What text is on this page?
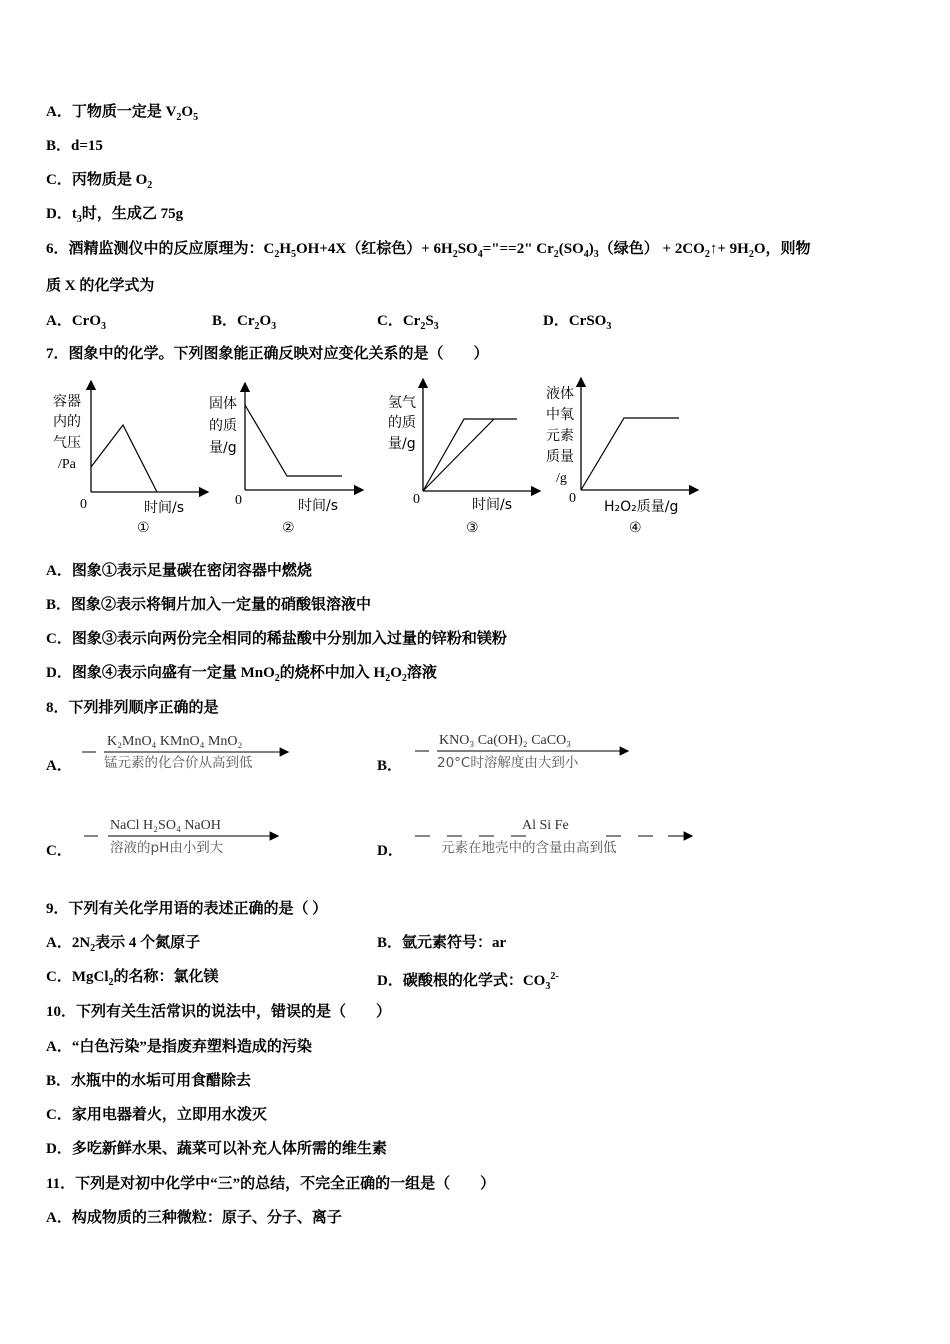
A．丁物质一定是 $V_2O_5$
B．d=15
C．丙物质是 $O_2$
D．$t_3$时，生成乙 75g
6．酒精监测仪中的反应原理为：$C_2H_5OH+4X$（红棕色）+ $6H_2SO_4="==2$" $Cr_2(SO_4)_3$（绿色） + $2CO_2↑+ 9H_2O$，则物
质 X 的化学式为
A．CrO$_3$	B．$Cr_2O_3$	C．$Cr_2S_3$	D．CrSO$_3$
7．图象中的化学。下列图象能正确反映对应变化关系的是（　　）
容器
内的
气压
/Pa
0	时间/s
①
固体
的质
量/g
0	时间/s
②
氢气
的质
量/g
0	时间/s
③
液体
中氧
元素
质量
/g
0
H₂O₂质量/g
④
A．图象①表示足量碳在密闭容器中燃烧
B．图象②表示将铜片加入一定量的硝酸银溶液中
C．图象③表示向两份完全相同的稀盐酸中分别加入过量的锌粉和镁粉
D．图象④表示向盛有一定量 MnO$_2$的烧杯中加入 $H_2O_2$溶液
8．下列排列顺序正确的是
A．
K₂MnO₄ KMnO₄ MnO₂
锰元素的化合价从高到低	B．
KNO₃ Ca(OH)₂ CaCO₃
20°C时溶解度由大到小
C．
NaCl H₂SO₄ NaOH
溶液的pH由小到大	D．
Al Si Fe
元素在地壳中的含量由高到低
9．下列有关化学用语的表述正确的是（ ）
A．$2N_2$表示 4 个氮原子	B．氩元素符号：ar
C．MgCl$_2$的名称：氯化镁	D．碳酸根的化学式：$CO_3^{2-}$
10．下列有关生活常识的说法中，错误的是（　　）
A．“白色污染”是指废弃塑料造成的污染
B．水瓶中的水垢可用食醋除去
C．家用电器着火，立即用水泼灭
D．多吃新鲜水果、蔬菜可以补充人体所需的维生素
11．下列是对初中化学中“三”的总结，不完全正确的一组是（　　）
A．构成物质的三种微粒：原子、分子、离子
